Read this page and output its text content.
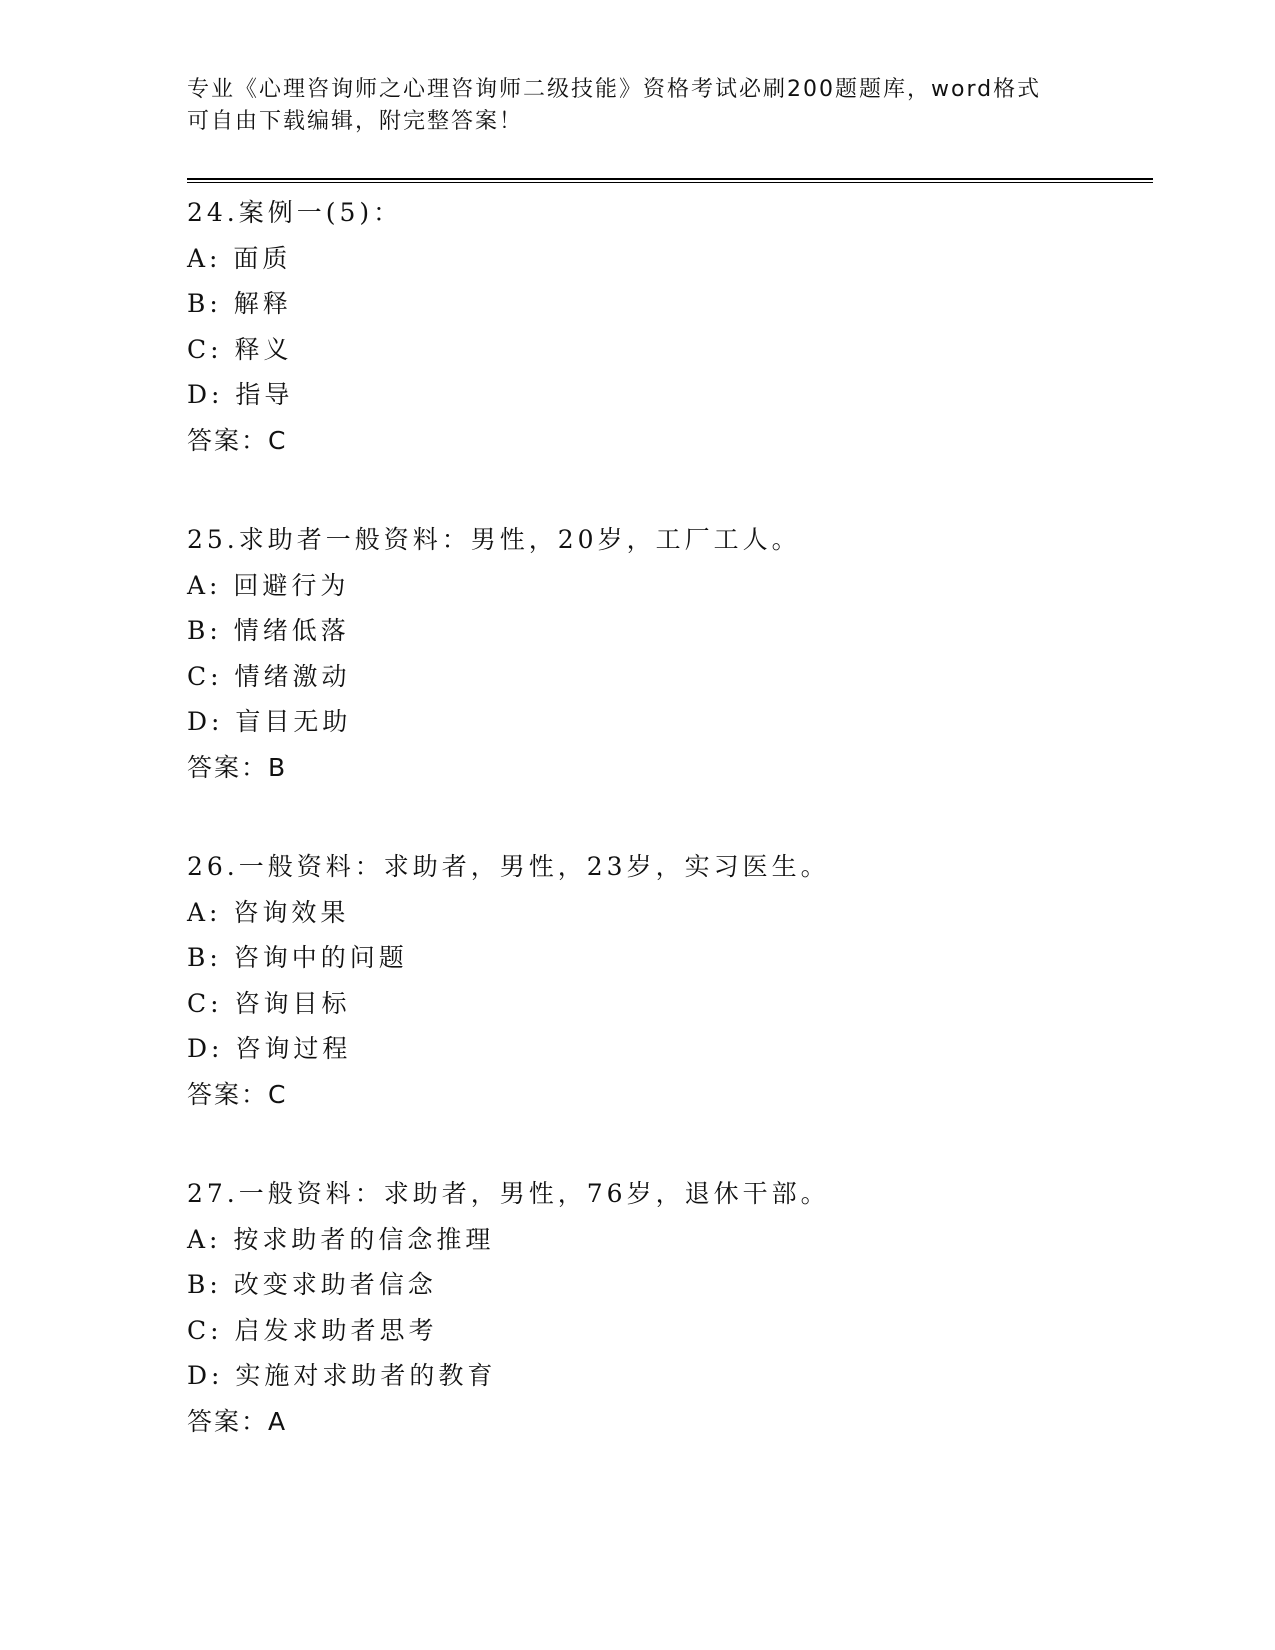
专业《心理咨询师之心理咨询师二级技能》资格考试必刷200题题库，word格式
可自由下载编辑，附完整答案！
24.案例一(5)：
A: 面质
B: 解释
C: 释义
D: 指导
答案：C
25.求助者一般资料：男性，20岁，工厂工人。
A: 回避行为
B: 情绪低落
C: 情绪激动
D: 盲目无助
答案：B
26.一般资料：求助者，男性，23岁，实习医生。
A: 咨询效果
B: 咨询中的问题
C: 咨询目标
D: 咨询过程
答案：C
27.一般资料：求助者，男性，76岁，退休干部。
A: 按求助者的信念推理
B: 改变求助者信念
C: 启发求助者思考
D: 实施对求助者的教育
答案：A
